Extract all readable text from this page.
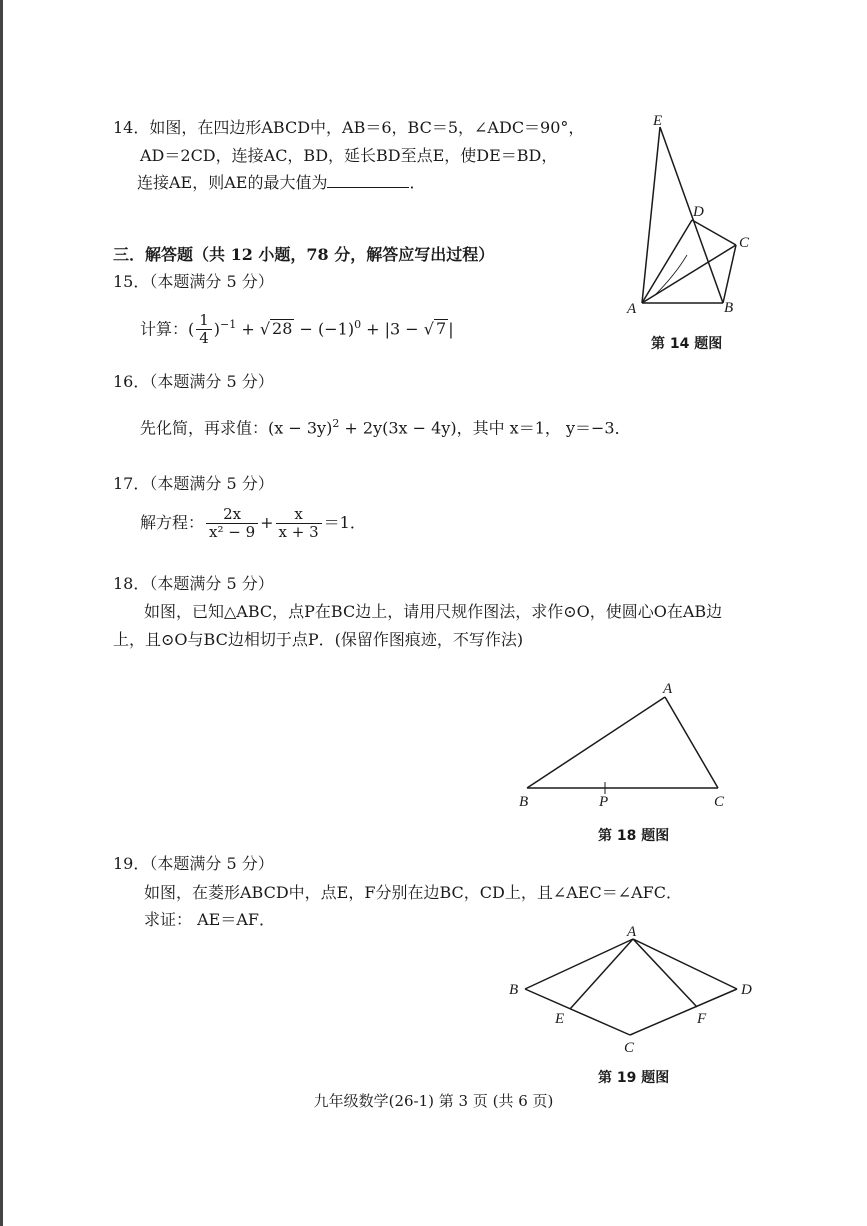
14．如图，在四边形ABCD中，AB＝6，BC＝5，∠ADC＝90°，
AD＝2CD，连接AC，BD，延长BD至点E，使DE＝BD，
连接AE，则AE的最大值为	．
E
D
C
A	B
第 14 题图
三．解答题（共 12 小题，78 分，解答应写出过程）
15．（本题满分 5 分）
计算：( $\frac{1}{4} )^{-1}$ + √ $28 - (-1)^0 + |3$ − √ 7 |
16．（本题满分 5 分）
先化简，再求值：$(x - 3y)^2 + 2y(3x - 4y)$，其中 x＝1， y＝−3．
17．（本题满分 5 分）
解方程： $\frac{2x}{\text{x² − 9}} + \frac{x}{x + 3} =1$．
18．（本题满分 5 分）
如图，已知△ABC，点P在BC边上，请用尺规作图法，求作⊙O，使圆心O在AB边
上，且⊙O与BC边相切于点P．(保留作图痕迹，不写作法)
A
B	P	C
第 18 题图
19．（本题满分 5 分）
如图，在菱形ABCD中，点E，F分别在边BC，CD上，且∠AEC＝∠AFC．
求证： AE＝AF．
A
B	D
E	F
C
第 19 题图
九年级数学(26-1) 第 3 页 (共 6 页)
